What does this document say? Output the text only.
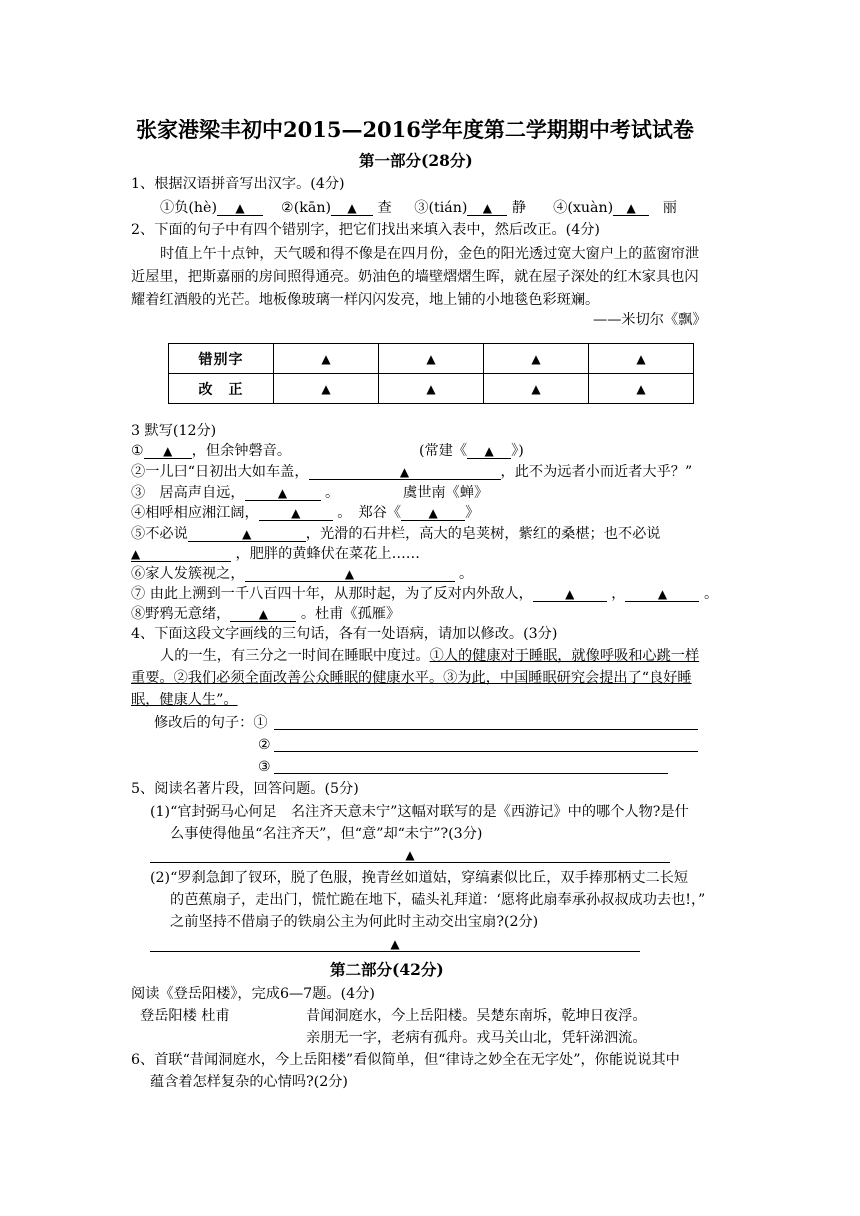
张家港梁丰初中2015—2016学年度第二学期期中考试试卷
第一部分(28分)
1、根据汉语拼音写出汉字。(4分)
①负(hè) ▲	②(kān) ▲ 查 ③(tián) ▲ 静 ④(xuàn) ▲ 丽
2、下面的句子中有四个错别字，把它们找出来填入表中，然后改正。(4分)
时值上午十点钟，天气暖和得不像是在四月份，金色的阳光透过宽大窗户上的蓝窗帘泄
近屋里，把斯嘉丽的房间照得通亮。奶油色的墙壁熠熠生晖，就在屋子深处的红木家具也闪
耀着红酒般的光芒。地板像玻璃一样闪闪发亮，地上铺的小地毯色彩斑斓。
——米切尔《飘》
错别字	▲	▲	▲	▲
改　正	▲	▲	▲	▲
3 默写(12分)
① ▲ ，但余钟磬音。	(常建《 ▲ 》)
②一儿曰“日初出大如车盖，	▲	，此不为远者小而近者大乎？”
③　居高声自远，	▲	。	虞世南《蝉》
④相呼相应湘江阔，	▲	。　郑谷《 ▲ 》
⑤不必说	▲	，光滑的石井栏，高大的皂荚树，紫红的桑椹；也不必说
▲	，肥胖的黄蜂伏在菜花上……
⑥家人发簇视之，	▲	。
⑦ 由此上溯到一千八百四十年，从那时起，为了反对内外敌人，	▲	，	▲	。
⑧野鸦无意绪， ▲ 。杜甫《孤雁》
4、下面这段文字画线的三句话，各有一处语病，请加以修改。(3分)
人的一生，有三分之一时间在睡眠中度过。①人的健康对于睡眠，就像呼吸和心跳一样
重要。②我们必须全面改善公众睡眠的健康水平。③为此，中国睡眠研究会提出了“良好睡
眠，健康人生”。
修改后的句子：①
②
③
5、阅读名著片段，回答问题。(5分)
(1)“官封弼马心何足　名注齐天意未宁”这幅对联写的是《西游记》中的哪个人物?是什
么事使得他虽“名注齐天”，但“意”却“未宁”?(3分)
▲
(2)“罗刹急卸了钗环，脱了色服，挽青丝如道姑，穿缟素似比丘，双手捧那柄丈二长短
的芭蕉扇子，走出门，慌忙跪在地下，磕头礼拜道：‘愿将此扇奉承孙叔叔成功去也!，”
之前坚持不借扇子的铁扇公主为何此时主动交出宝扇?(2分)
▲
第二部分(42分)
阅读《登岳阳楼》，完成6—7题。(4分)
登岳阳楼 杜甫	昔闻洞庭水，今上岳阳楼。吴楚东南坼，乾坤日夜浮。
亲朋无一字，老病有孤舟。戎马关山北，凭轩涕泗流。
6、首联“昔闻洞庭水，今上岳阳楼”看似简单，但“律诗之妙全在无字处”，你能说说其中
蕴含着怎样复杂的心情吗?(2分)
